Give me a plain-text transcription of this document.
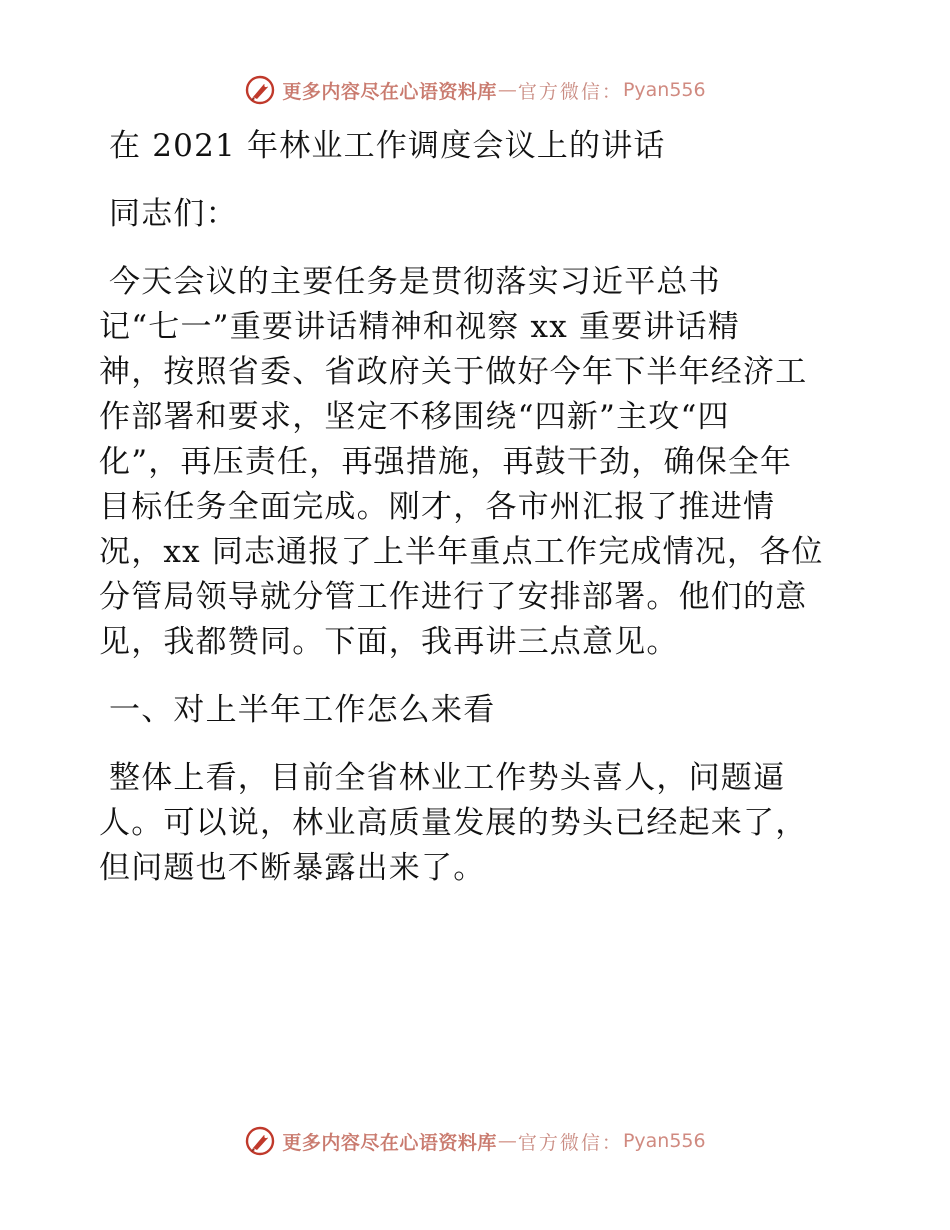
更多内容尽在心语资料库 — 官方微信： Pyan556
在 2021 年林业工作调度会议上的讲话
同志们：
今天会议的主要任务是贯彻落实习近平总书
记“七一”重要讲话精神和视察 xx 重要讲话精
神，按照省委、省政府关于做好今年下半年经济工
作部署和要求，坚定不移围绕“四新”主攻“四
化”，再压责任，再强措施，再鼓干劲，确保全年
目标任务全面完成。刚才，各市州汇报了推进情
况，xx 同志通报了上半年重点工作完成情况，各位
分管局领导就分管工作进行了安排部署。他们的意
见，我都赞同。下面，我再讲三点意见。
一、对上半年工作怎么来看
整体上看，目前全省林业工作势头喜人，问题逼
人。可以说，林业高质量发展的势头已经起来了，
但问题也不断暴露出来了。
更多内容尽在心语资料库 — 官方微信： Pyan556
